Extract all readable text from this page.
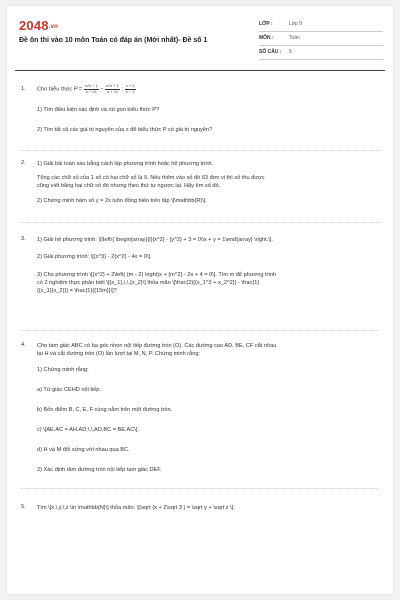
2048.vn
Đề ôn thi vào 10 môn Toán có đáp án (Mới nhất)- Đề số 1
LỚP :	Lớp 9
MÔN :	Toán
SỐ CÂU : 5
1. Cho biểu thức $P = \frac{x√x - 1}{x - √x} - \frac{x√x + 1}{x + √x}$ : $\frac{x + 2}{x - 2}$
1) Tìm điều kiện xác định và rút gọn biểu thức P?
2) Tìm tất cả các giá trị nguyên của x để biểu thức P có giá trị nguyên?
2. 1) Giải bài toán sau bằng cách lập phương trình hoặc hệ phương trình.
Tổng các chữ số của 1 số có hai chữ số là 9. Nếu thêm vào số đó 63 đơn vị thì số thu được
cũng viết bằng hai chữ số đó nhưng theo thứ tự ngược lại. Hãy tìm số đó.
2) Chứng minh hàm số y = 2x luôn đồng biến trên tập \[\mathbb{R}\].
3. 1) Giải hệ phương trình: \[\left\{ \begin{array}{l}{x^2} - {y^2} + 3 = 0\\x + y = 1\end{array} \right.\].
2) Giải phương trình: \[{x^3} - 2{x^2} - 4x = 0\].
3) Cho phương trình \[{x^2} + 2\left( {m - 2} \right)x + {m^2} - 2x + 4 = 0\]. Tìm m để phương trình
có 2 nghiệm thực phân biệt \[{x_1},\,\,{x_2}\] thỏa mãn \[\frac{2}{{x_1^2 + x_2^2}} - \frac{1}
{{x_1}{x_2}}} = \frac{1}{{15m}}\]?
4. Cho tam giác ABC có ba góc nhọn nội tiếp đường tròn (O). Các đường cao AD, BE, CF cắt nhau
tại H và cắt đường tròn (O) lần lượt tại M, N, P. Chứng minh rằng:
1) Chứng minh rằng:
a) Tứ giác CEHD nội tiếp.
b) Bốn điểm B, C, E, F cùng nằm trên một đường tròn.
c) \[AE.AC = AH.AD;\,\,AD.BC = BE.AC\].
d) H và M đối xứng với nhau qua BC.
2) Xác định tâm đường tròn nội tiếp tam giác DEF.
5. Tìm \[x,\,y,\,z \in \mathbb{N}\] thỏa mãn: \[\sqrt {x + 2\sqrt 3 } = \sqrt y + \sqrt z \].
